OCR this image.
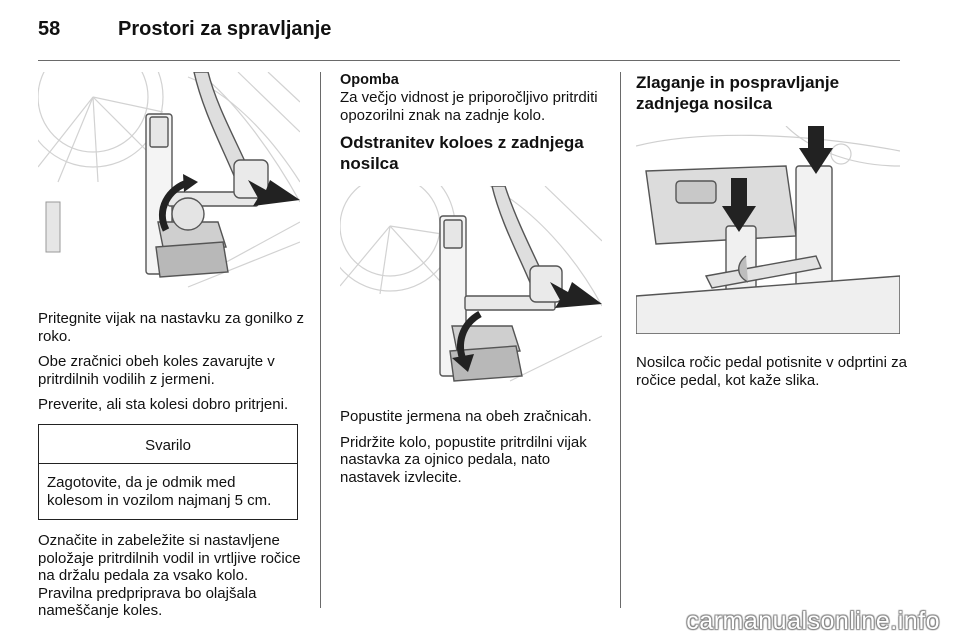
58	Prostori za spravljanje

Pritegnite vijak na nastavku za gonilko z roko.

Obe zračnici obeh koles zavarujte v pritrdilnih vodilih z jermeni.

Preverite, ali sta kolesi dobro pritrjeni.

Svarilo
Zagotovite, da je odmik med kolesom in vozilom najmanj 5 cm.

Označite in zabeležite si nastavljene položaje pritrdilnih vodil in vrtljive ročice na držalu pedala za vsako kolo. Pravilna predpriprava bo olajšala nameščanje koles.

Opomba

Za večjo vidnost je priporočljivo pritrditi opozorilni znak na zadnje kolo.

Odstranitev koloes z zadnjega nosilca

Popustite jermena na obeh zračnicah.

Pridržite kolo, popustite pritrdilni vijak nastavka za ojnico pedala, nato nastavek izvlecite.

Zlaganje in pospravljanje zadnjega nosilca

Nosilca ročic pedal potisnite v odprtini za ročice pedal, kot kaže slika.

carmanualsonline.info
